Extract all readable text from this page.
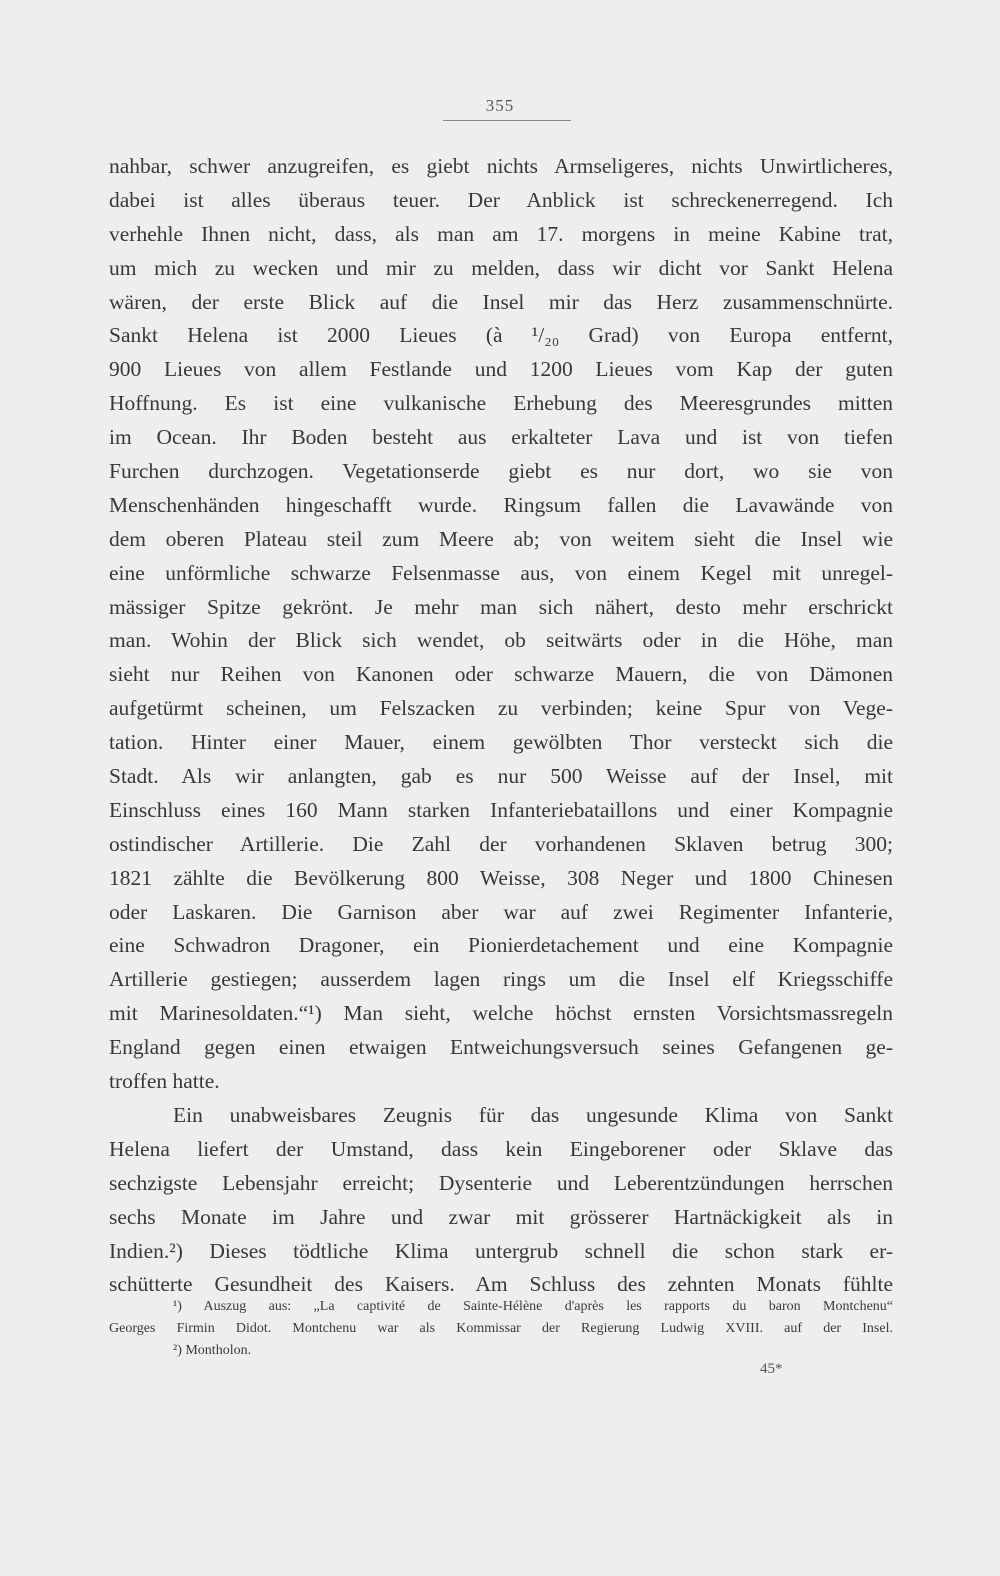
355
nahbar, schwer anzugreifen, es giebt nichts Armseligeres, nichts Unwirtlicheres,
dabei ist alles überaus teuer. Der Anblick ist schreckenerregend. Ich
verhehle Ihnen nicht, dass, als man am 17. morgens in meine Kabine trat,
um mich zu wecken und mir zu melden, dass wir dicht vor Sankt Helena
wären, der erste Blick auf die Insel mir das Herz zusammenschnürte.
Sankt Helena ist 2000 Lieues (à ¹/₂₀ Grad) von Europa entfernt,
900 Lieues von allem Festlande und 1200 Lieues vom Kap der guten
Hoffnung. Es ist eine vulkanische Erhebung des Meeresgrundes mitten
im Ocean. Ihr Boden besteht aus erkalteter Lava und ist von tiefen
Furchen durchzogen. Vegetationserde giebt es nur dort, wo sie von
Menschenhänden hingeschafft wurde. Ringsum fallen die Lavawände von
dem oberen Plateau steil zum Meere ab; von weitem sieht die Insel wie
eine unförmliche schwarze Felsenmasse aus, von einem Kegel mit unregel-
mässiger Spitze gekrönt. Je mehr man sich nähert, desto mehr erschrickt
man. Wohin der Blick sich wendet, ob seitwärts oder in die Höhe, man
sieht nur Reihen von Kanonen oder schwarze Mauern, die von Dämonen
aufgetürmt scheinen, um Felszacken zu verbinden; keine Spur von Vege-
tation. Hinter einer Mauer, einem gewölbten Thor versteckt sich die
Stadt. Als wir anlangten, gab es nur 500 Weisse auf der Insel, mit
Einschluss eines 160 Mann starken Infanteriebataillons und einer Kompagnie
ostindischer Artillerie. Die Zahl der vorhandenen Sklaven betrug 300;
1821 zählte die Bevölkerung 800 Weisse, 308 Neger und 1800 Chinesen
oder Laskaren. Die Garnison aber war auf zwei Regimenter Infanterie,
eine Schwadron Dragoner, ein Pionierdetachement und eine Kompagnie
Artillerie gestiegen; ausserdem lagen rings um die Insel elf Kriegsschiffe
mit Marinesoldaten.“¹) Man sieht, welche höchst ernsten Vorsichtsmassregeln
England gegen einen etwaigen Entweichungsversuch seines Gefangenen ge-
troffen hatte.
Ein unabweisbares Zeugnis für das ungesunde Klima von Sankt
Helena liefert der Umstand, dass kein Eingeborener oder Sklave das
sechzigste Lebensjahr erreicht; Dysenterie und Leberentzündungen herrschen
sechs Monate im Jahre und zwar mit grösserer Hartnäckigkeit als in
Indien.²) Dieses tödtliche Klima untergrub schnell die schon stark er-
schütterte Gesundheit des Kaisers. Am Schluss des zehnten Monats fühlte
¹) Auszug aus: „La captivité de Sainte-Hélène d'après les rapports du baron Montchenu“
Georges Firmin Didot. Montchenu war als Kommissar der Regierung Ludwig XVIII. auf der Insel.
²) Montholon.
45*
